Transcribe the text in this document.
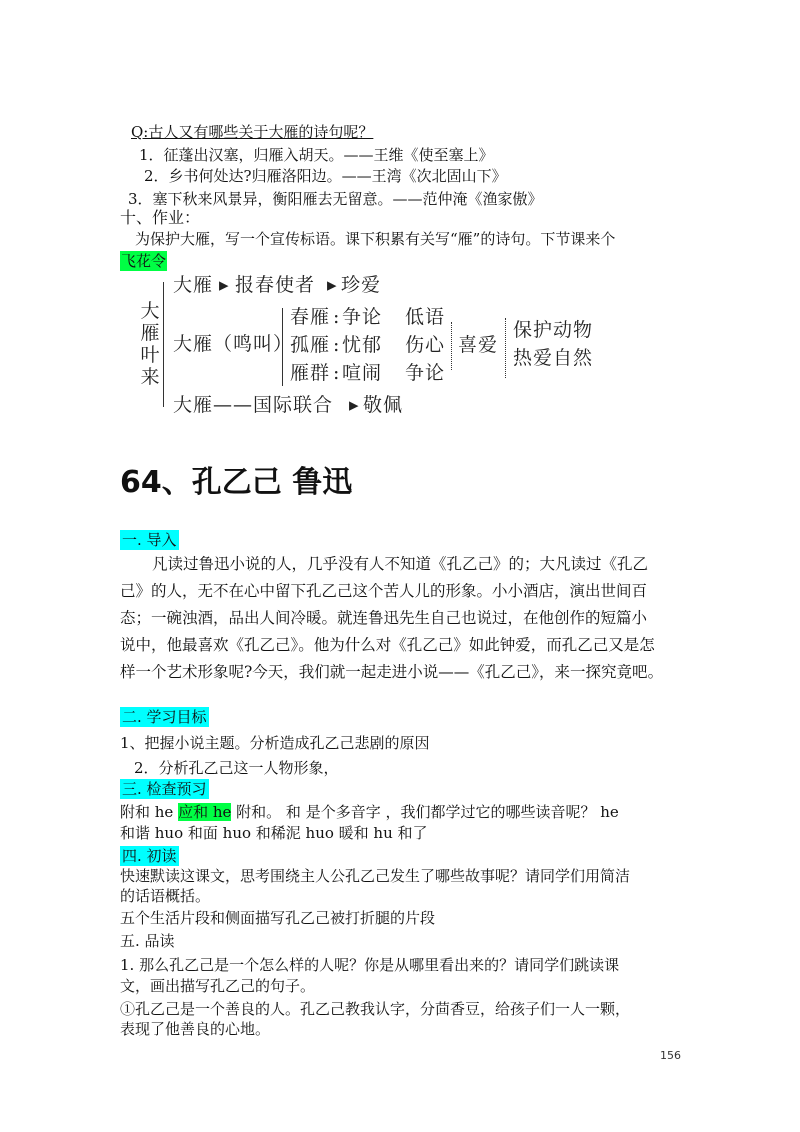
Q:古人又有哪些关于大雁的诗句呢？
1．征蓬出汉塞，归雁入胡天。——王维《使至塞上》
2．乡书何处达?归雁洛阳边。——王湾《次北固山下》
3．塞下秋来风景异，衡阳雁去无留意。——范仲淹《渔家傲》
十、作业：
为保护大雁，写一个宣传标语。课下积累有关写“雁”的诗句。下节课来个
飞花令
大雁叶来
大雁 ▸ 报春使者 ▸ 珍爱
大雁（鸣叫）
春雁 : 争论 低语
孤雁 : 忧郁 伤心
雁群 : 喧闹 争论
喜爱
保护动物
热爱自然
大雁——国际联合 ▸ 敬佩
64、孔乙己 鲁迅
一. 导入
凡读过鲁迅小说的人，几乎没有人不知道《孔乙己》的；大凡读过《孔乙
己》的人，无不在心中留下孔乙己这个苦人儿的形象。小小酒店，演出世间百
态；一碗浊酒，品出人间冷暖。就连鲁迅先生自己也说过，在他创作的短篇小
说中，他最喜欢《孔乙己》。他为什么对《孔乙己》如此钟爱，而孔乙己又是怎
样一个艺术形象呢?今天，我们就一起走进小说——《孔乙己》，来一探究竟吧。
二. 学习目标
1、把握小说主题。分析造成孔乙己悲剧的原因
2．分析孔乙己这一人物形象，
三. 检查预习
附和 he 应和 he 附和。 和 是个多音字 ，我们都学过它的哪些读音呢？ he
和谐 huo 和面 huo 和稀泥 huo 暖和 hu 和了
四. 初读
快速默读这课文，思考围绕主人公孔乙己发生了哪些故事呢？请同学们用简洁
的话语概括。
五个生活片段和侧面描写孔乙己被打折腿的片段
五. 品读
1. 那么孔乙己是一个怎么样的人呢？你是从哪里看出来的？请同学们跳读课
文，画出描写孔乙己的句子。
①孔乙己是一个善良的人。孔乙己教我认字，分茴香豆，给孩子们一人一颗，
表现了他善良的心地。
156
